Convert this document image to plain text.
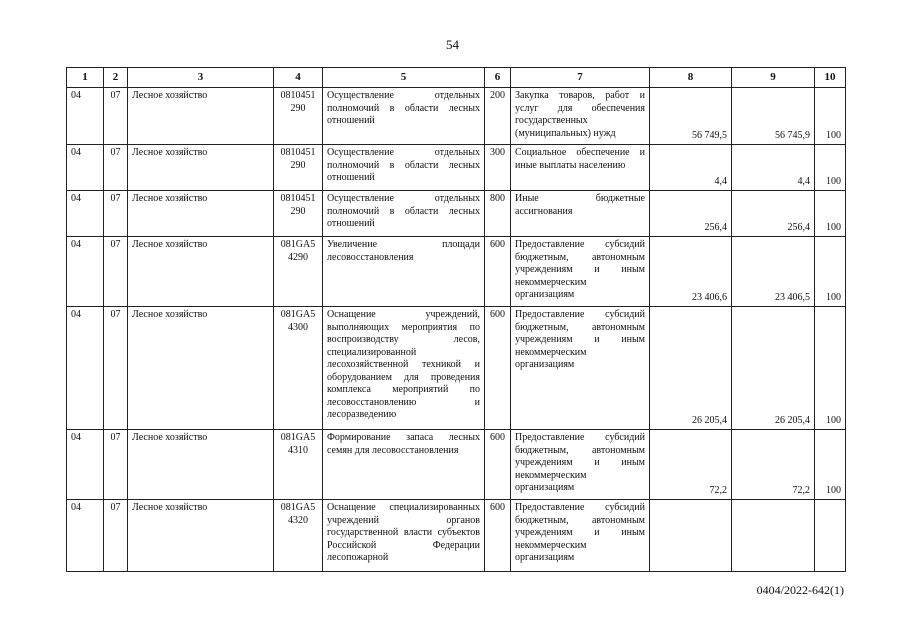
54
1	2	3	4	5	6	7	8	9	10
04	07	Лесное хозяйство	0810451 290	Осуществление отдельных полномочий в области лесных отношений	200	Закупка товаров, работ и услуг для обеспечения государственных (муниципальных) нужд	56 749,5	56 745,9	100
04	07	Лесное хозяйство	0810451 290	Осуществление отдельных полномочий в области лесных отношений	300	Социальное обеспечение и иные выплаты населению	4,4	4,4	100
04	07	Лесное хозяйство	0810451 290	Осуществление отдельных полномочий в области лесных отношений	800	Иные бюджетные ассигнования	256,4	256,4	100
04	07	Лесное хозяйство	081GA5 4290	Увеличение площади лесовосстановления	600	Предоставление субсидий бюджетным, автономным учреждениям и иным некоммерческим организациям	23 406,6	23 406,5	100
04	07	Лесное хозяйство	081GA5 4300	Оснащение учреждений, выполняющих мероприятия по воспроизводству лесов, специализированной лесохозяйственной техникой и оборудованием для проведения комплекса мероприятий по лесовосстановлению и лесоразведению	600	Предоставление субсидий бюджетным, автономным учреждениям и иным некоммерческим организациям	26 205,4	26 205,4	100
04	07	Лесное хозяйство	081GA5 4310	Формирование запаса лесных семян для лесовосстановления	600	Предоставление субсидий бюджетным, автономным учреждениям и иным некоммерческим организациям	72,2	72,2	100
04	07	Лесное хозяйство	081GA5 4320	Оснащение специализированных учреждений органов государственной власти субъектов Российской Федерации лесопожарной	600	Предоставление субсидий бюджетным, автономным учреждениям и иным некоммерческим организациям			
0404/2022-642(1)
